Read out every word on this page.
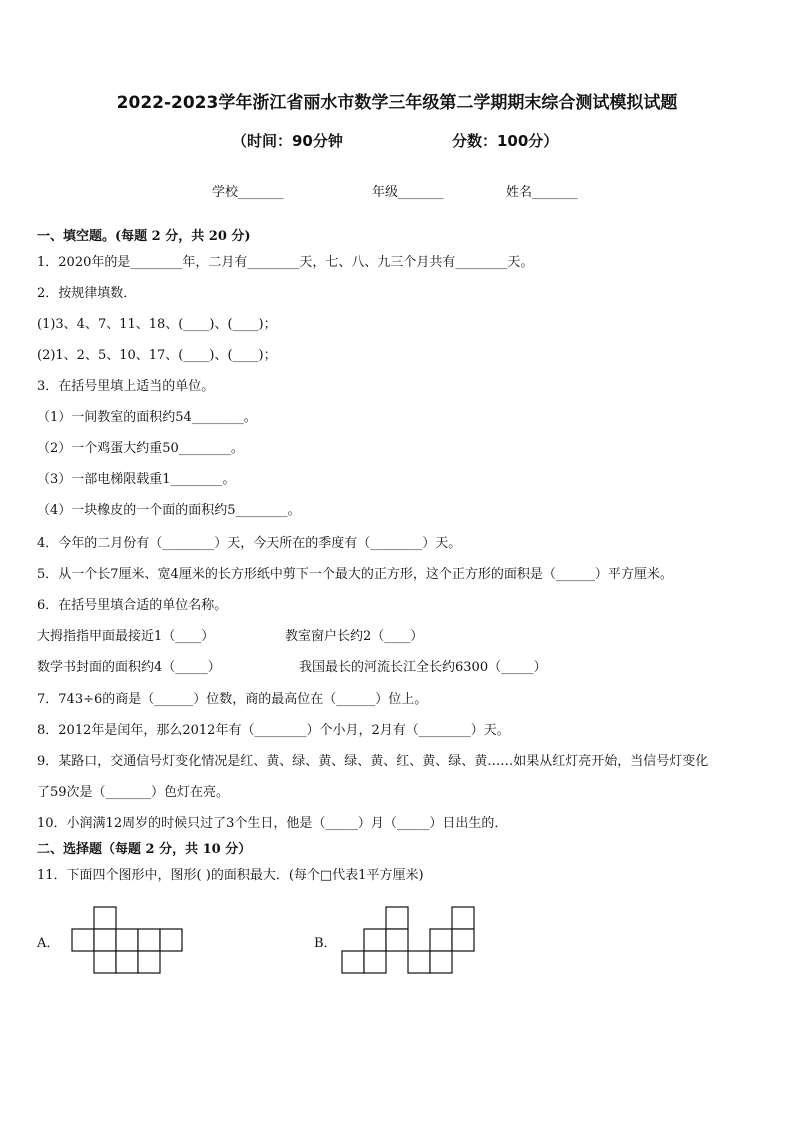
2022-2023学年浙江省丽水市数学三年级第二学期期末综合测试模拟试题
（时间：90分钟	分数：100分）
学校_______	年级_______	姓名_______
一、填空题。(每题 2 分，共 20 分)
1．2020年的是________年，二月有________天，七、八、九三个月共有________天。
2．按规律填数．
(1)3、4、7、11、18、(____)、(____)；
(2)1、2、5、10、17、(____)、(____)；
3．在括号里填上适当的单位。
（1）一间教室的面积约54________。
（2）一个鸡蛋大约重50________。
（3）一部电梯限载重1________。
（4）一块橡皮的一个面的面积约5________。
4．今年的二月份有（________）天，今天所在的季度有（________）天。
5．从一个长7厘米、宽4厘米的长方形纸中剪下一个最大的正方形，这个正方形的面积是（______）平方厘米。
6．在括号里填合适的单位名称。
大拇指指甲面最接近1（____）	教室窗户长约2（____）
数学书封面的面积约4（_____）	我国最长的河流长江全长约6300（_____）
7．743÷6的商是（______）位数，商的最高位在（______）位上。
8．2012年是闰年，那么2012年有（________）个小月，2月有（________）天。
9．某路口，交通信号灯变化情况是红、黄、绿、黄、绿、黄、红、黄、绿、黄……如果从红灯亮开始，当信号灯变化
了59次是（_______）色灯在亮。
10．小润满12周岁的时候只过了3个生日，他是（_____）月（_____）日出生的．
二、选择题（每题 2 分，共 10 分）
11．下面四个图形中，图形( )的面积最大．(每个□代表1平方厘米)
A．	B．
